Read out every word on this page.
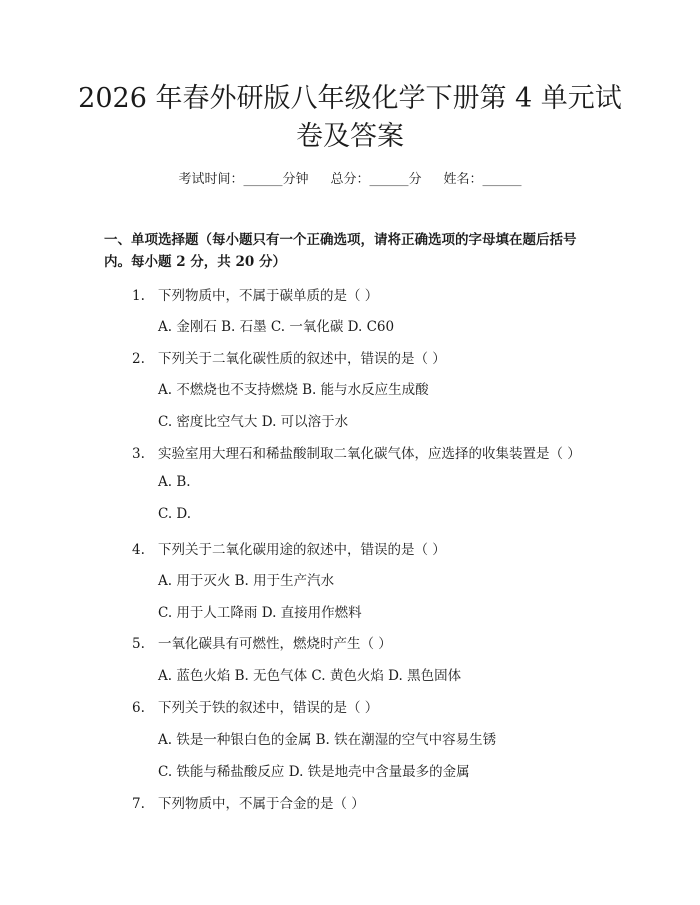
2026 年春外研版八年级化学下册第 4 单元试
卷及答案
考试时间：______分钟 总分：______分 姓名：______
一、单项选择题（每小题只有一个正确选项，请将正确选项的字母填在题后括号
内。每小题 2 分，共 20 分）
1. 下列物质中，不属于碳单质的是（ ）
A. 金刚石 B. 石墨 C. 一氧化碳 D. C60
2. 下列关于二氧化碳性质的叙述中，错误的是（ ）
A. 不燃烧也不支持燃烧 B. 能与水反应生成酸
C. 密度比空气大 D. 可以溶于水
3. 实验室用大理石和稀盐酸制取二氧化碳气体，应选择的收集装置是（ ）
A. B.
C. D.
4. 下列关于二氧化碳用途的叙述中，错误的是（ ）
A. 用于灭火 B. 用于生产汽水
C. 用于人工降雨 D. 直接用作燃料
5. 一氧化碳具有可燃性，燃烧时产生（ ）
A. 蓝色火焰 B. 无色气体 C. 黄色火焰 D. 黑色固体
6. 下列关于铁的叙述中，错误的是（ ）
A. 铁是一种银白色的金属 B. 铁在潮湿的空气中容易生锈
C. 铁能与稀盐酸反应 D. 铁是地壳中含量最多的金属
7. 下列物质中，不属于合金的是（ ）
